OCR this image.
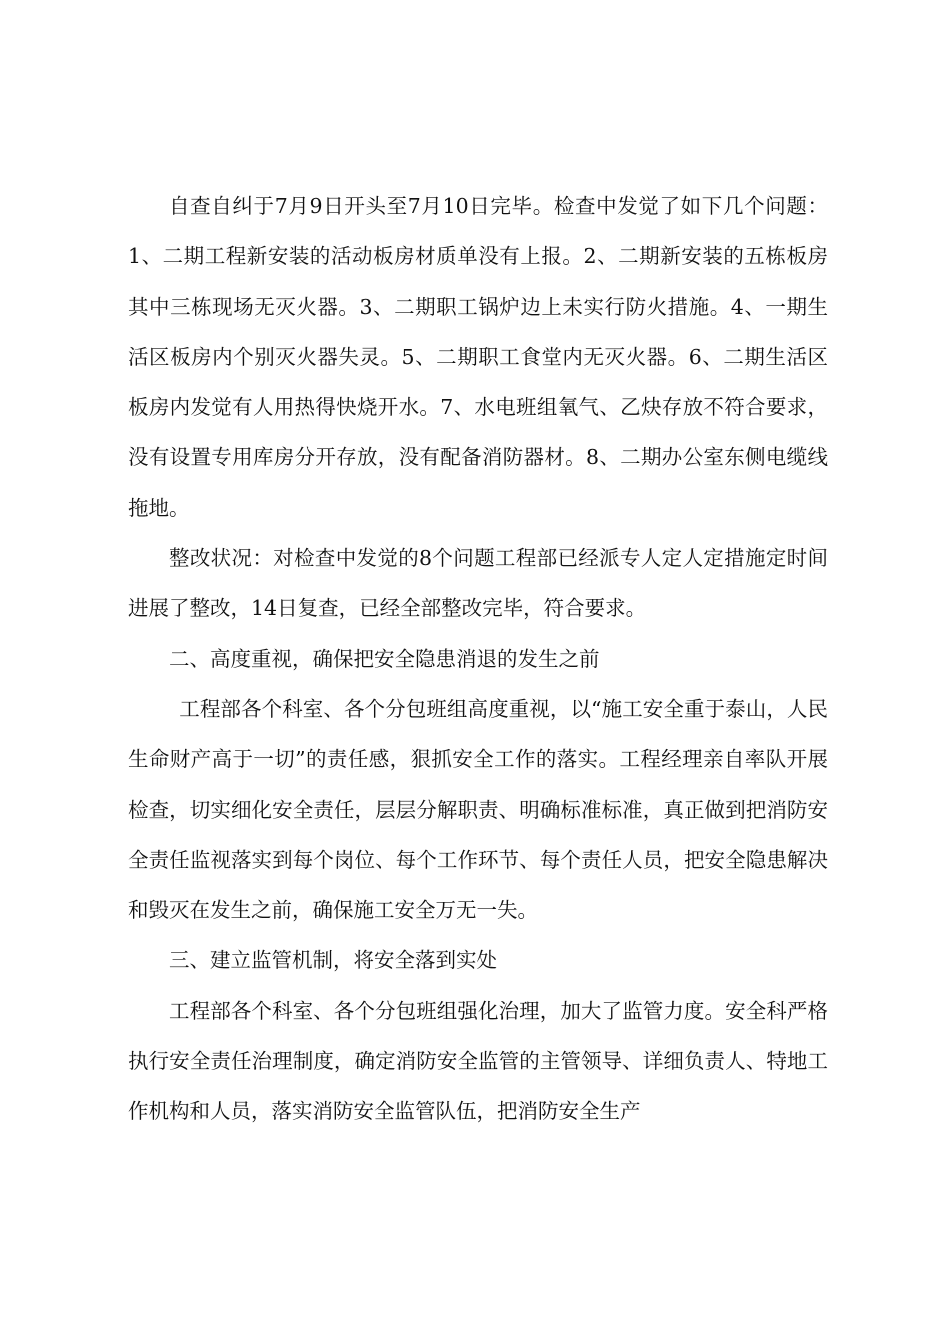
自查自纠于7月9日开头至7月10日完毕。检查中发觉了如下几个问题：1、二期工程新安装的活动板房材质单没有上报。2、二期新安装的五栋板房其中三栋现场无灭火器。3、二期职工锅炉边上未实行防火措施。4、一期生活区板房内个别灭火器失灵。5、二期职工食堂内无灭火器。6、二期生活区板房内发觉有人用热得快烧开水。7、水电班组氧气、乙炔存放不符合要求，没有设置专用库房分开存放，没有配备消防器材。8、二期办公室东侧电缆线拖地。

整改状况：对检查中发觉的8个问题工程部已经派专人定人定措施定时间进展了整改，14日复查，已经全部整改完毕，符合要求。

二、高度重视，确保把安全隐患消退的发生之前

工程部各个科室、各个分包班组高度重视，以“施工安全重于泰山，人民生命财产高于一切”的责任感，狠抓安全工作的落实。工程经理亲自率队开展检查，切实细化安全责任，层层分解职责、明确标准标准，真正做到把消防安全责任监视落实到每个岗位、每个工作环节、每个责任人员，把安全隐患解决和毁灭在发生之前，确保施工安全万无一失。

三、建立监管机制，将安全落到实处

工程部各个科室、各个分包班组强化治理，加大了监管力度。安全科严格执行安全责任治理制度，确定消防安全监管的主管领导、详细负责人、特地工作机构和人员，落实消防安全监管队伍，把消防安全生产
